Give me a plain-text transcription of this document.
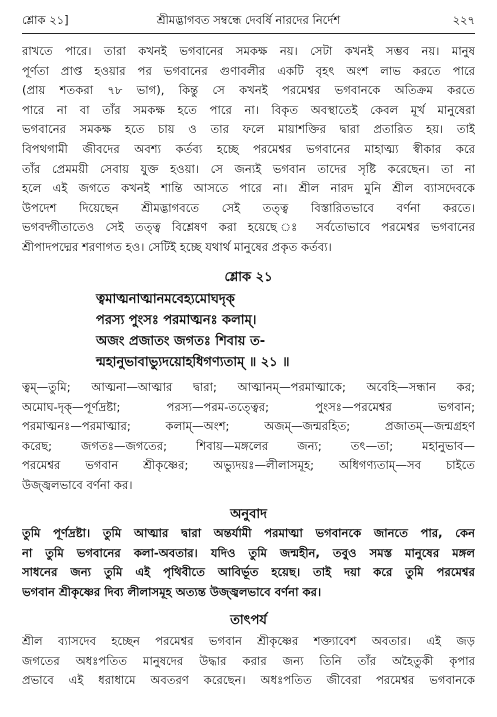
শ্লোক ২১]	শ্রীমদ্ভাগবত সম্বন্ধে দেবর্ষি নারদের নির্দেশ	২২৭
রাখতে পারে। তারা কখনই ভগবানের সমকক্ষ নয়। সেটা কখনই সম্ভব নয়। মানুষ
পূর্ণতা প্রাপ্ত হওয়ার পর ভগবানের গুণাবলীর একটি বৃহৎ অংশ লাভ করতে পারে
(প্রায় শতকরা ৭৮ ভাগ), কিন্তু সে কখনই পরমেশ্বর ভগবানকে অতিক্রম করতে
পারে না বা তাঁর সমকক্ষ হতে পারে না। বিকৃত অবস্থাতেই কেবল মূর্খ মানুষেরা
ভগবানের সমকক্ষ হতে চায় ও তার ফলে মায়াশক্তির দ্বারা প্রতারিত হয়। তাই
বিপথগামী জীবদের অবশ্য কর্তব্য হচ্ছে পরমেশ্বর ভগবানের মাহাত্ম্য স্বীকার করে
তাঁর প্রেমময়ী সেবায় যুক্ত হওয়া। সে জন্যই ভগবান তাদের সৃষ্টি করেছেন। তা না
হলে এই জগতে কখনই শান্তি আসতে পারে না। শ্রীল নারদ মুনি শ্রীল ব্যাসদেবকে
উপদেশ দিয়েছেন শ্রীমদ্ভাগবতে সেই তত্ত্ব বিস্তারিতভাবে বর্ণনা করতে।
ভগবদ্গীতাতেও সেই তত্ত্ব বিশ্লেষণ করা হয়েছে ঃ সর্বতোভাবে পরমেশ্বর ভগবানের
শ্রীপাদপদ্মের শরণাগত হও। সেটিই হচ্ছে যথার্থ মানুষের প্রকৃত কর্তব্য।
শ্লোক ২১
ত্বমাত্মনাত্মানমবেহ্যমোঘদৃক্
পরস্য পুংসঃ পরমাত্মনঃ কলাম্।
অজং প্রজাতং জগতঃ শিবায় ত-
ন্মহানুভাবাভ্যুদয়োহধিগণ্যতাম্ ॥ ২১ ॥
ত্বম্—তুমি; আত্মনা—আত্মার দ্বারা; আত্মানম্—পরমাত্মাকে; অবেহি—সন্ধান কর;
অমোঘ-দৃক্—পূর্ণদ্রষ্টা; পরস্য—পরম-তত্ত্বের; পুংসঃ—পরমেশ্বর ভগবান;
পরমাত্মনঃ—পরমাত্মার; কলাম্—অংশ; অজম্—জন্মরহিত; প্রজাতম্—জন্মগ্রহণ
করেছ; জগতঃ—জগতের; শিবায়—মঙ্গলের জন্য; তৎ—তা; মহানুভাব—
পরমেশ্বর ভগবান শ্রীকৃষ্ণের; অভ্যুদয়ঃ—লীলাসমূহ; অধিগণ্যতাম্—সব চাইতে
উজ্জ্বলভাবে বর্ণনা কর।
অনুবাদ
তুমি পূর্ণদ্রষ্টা। তুমি আত্মার দ্বারা অন্তর্যামী পরমাত্মা ভগবানকে জানতে পার, কেন
না তুমি ভগবানের কলা-অবতার। যদিও তুমি জন্মহীন, তবুও সমস্ত মানুষের মঙ্গল
সাধনের জন্য তুমি এই পৃথিবীতে আবির্ভূত হয়েছ। তাই দয়া করে তুমি পরমেশ্বর
ভগবান শ্রীকৃষ্ণের দিব্য লীলাসমূহ অত্যন্ত উজ্জ্বলভাবে বর্ণনা কর।
তাৎপর্য
শ্রীল ব্যাসদেব হচ্ছেন পরমেশ্বর ভগবান শ্রীকৃষ্ণের শক্ত্যাবেশ অবতার। এই জড়
জগতের অধঃপতিত মানুষদের উদ্ধার করার জন্য তিনি তাঁর অহৈতুকী কৃপার
প্রভাবে এই ধরাধামে অবতরণ করেছেন। অধঃপতিত জীবেরা পরমেশ্বর ভগবানকে
